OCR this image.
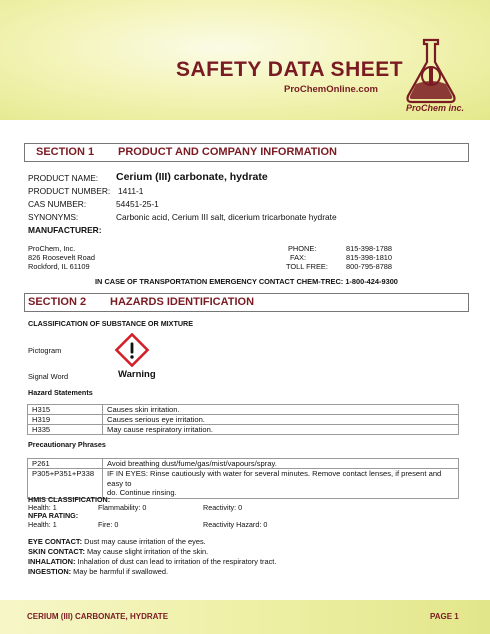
SAFETY DATA SHEET
ProChemOnline.com
ProChem inc.
SECTION 1 PRODUCT AND COMPANY INFORMATION
PRODUCT NAME: Cerium (III) carbonate, hydrate
PRODUCT NUMBER: 1411-1
CAS NUMBER:	54451-25-1
SYNONYMS:	Carbonic acid, Cerium III salt, dicerium tricarbonate hydrate
MANUFACTURER:
ProChem, Inc.
826 Roosevelt Road
Rockford, IL 61109
PHONE:	815-398-1788
FAX:	815-398-1810
TOLL FREE: 800-795-8788
IN CASE OF TRANSPORTATION EMERGENCY CONTACT CHEM-TREC: 1-800-424-9300
SECTION 2 HAZARDS IDENTIFICATION
CLASSIFICATION OF SUBSTANCE OR MIXTURE
Pictogram
Signal Word	Warning
Hazard Statements
H315	Causes skin irritation.
H319	Causes serious eye irritation.
H335	May cause respiratory irritation.
Precautionary Phrases
P261	Avoid breathing dust/fume/gas/mist/vapours/spray.
P305+P351+P338	IF IN EYES: Rinse cautiously with water for several minutes. Remove contact lenses, if present and easy to
do. Continue rinsing.
HMIS CLASSIFICATION:
Health: 1	Flammability: 0	Reactivity: 0
NFPA RATING:
Health: 1	Fire: 0	Reactivity Hazard: 0
EYE CONTACT: Dust may cause irritation of the eyes.
SKIN CONTACT: May cause slight irritation of the skin.
INHALATION: Inhalation of dust can lead to irritation of the respiratory tract.
INGESTION: May be harmful if swallowed.
CERIUM (III) CARBONATE, HYDRATE	PAGE 1
